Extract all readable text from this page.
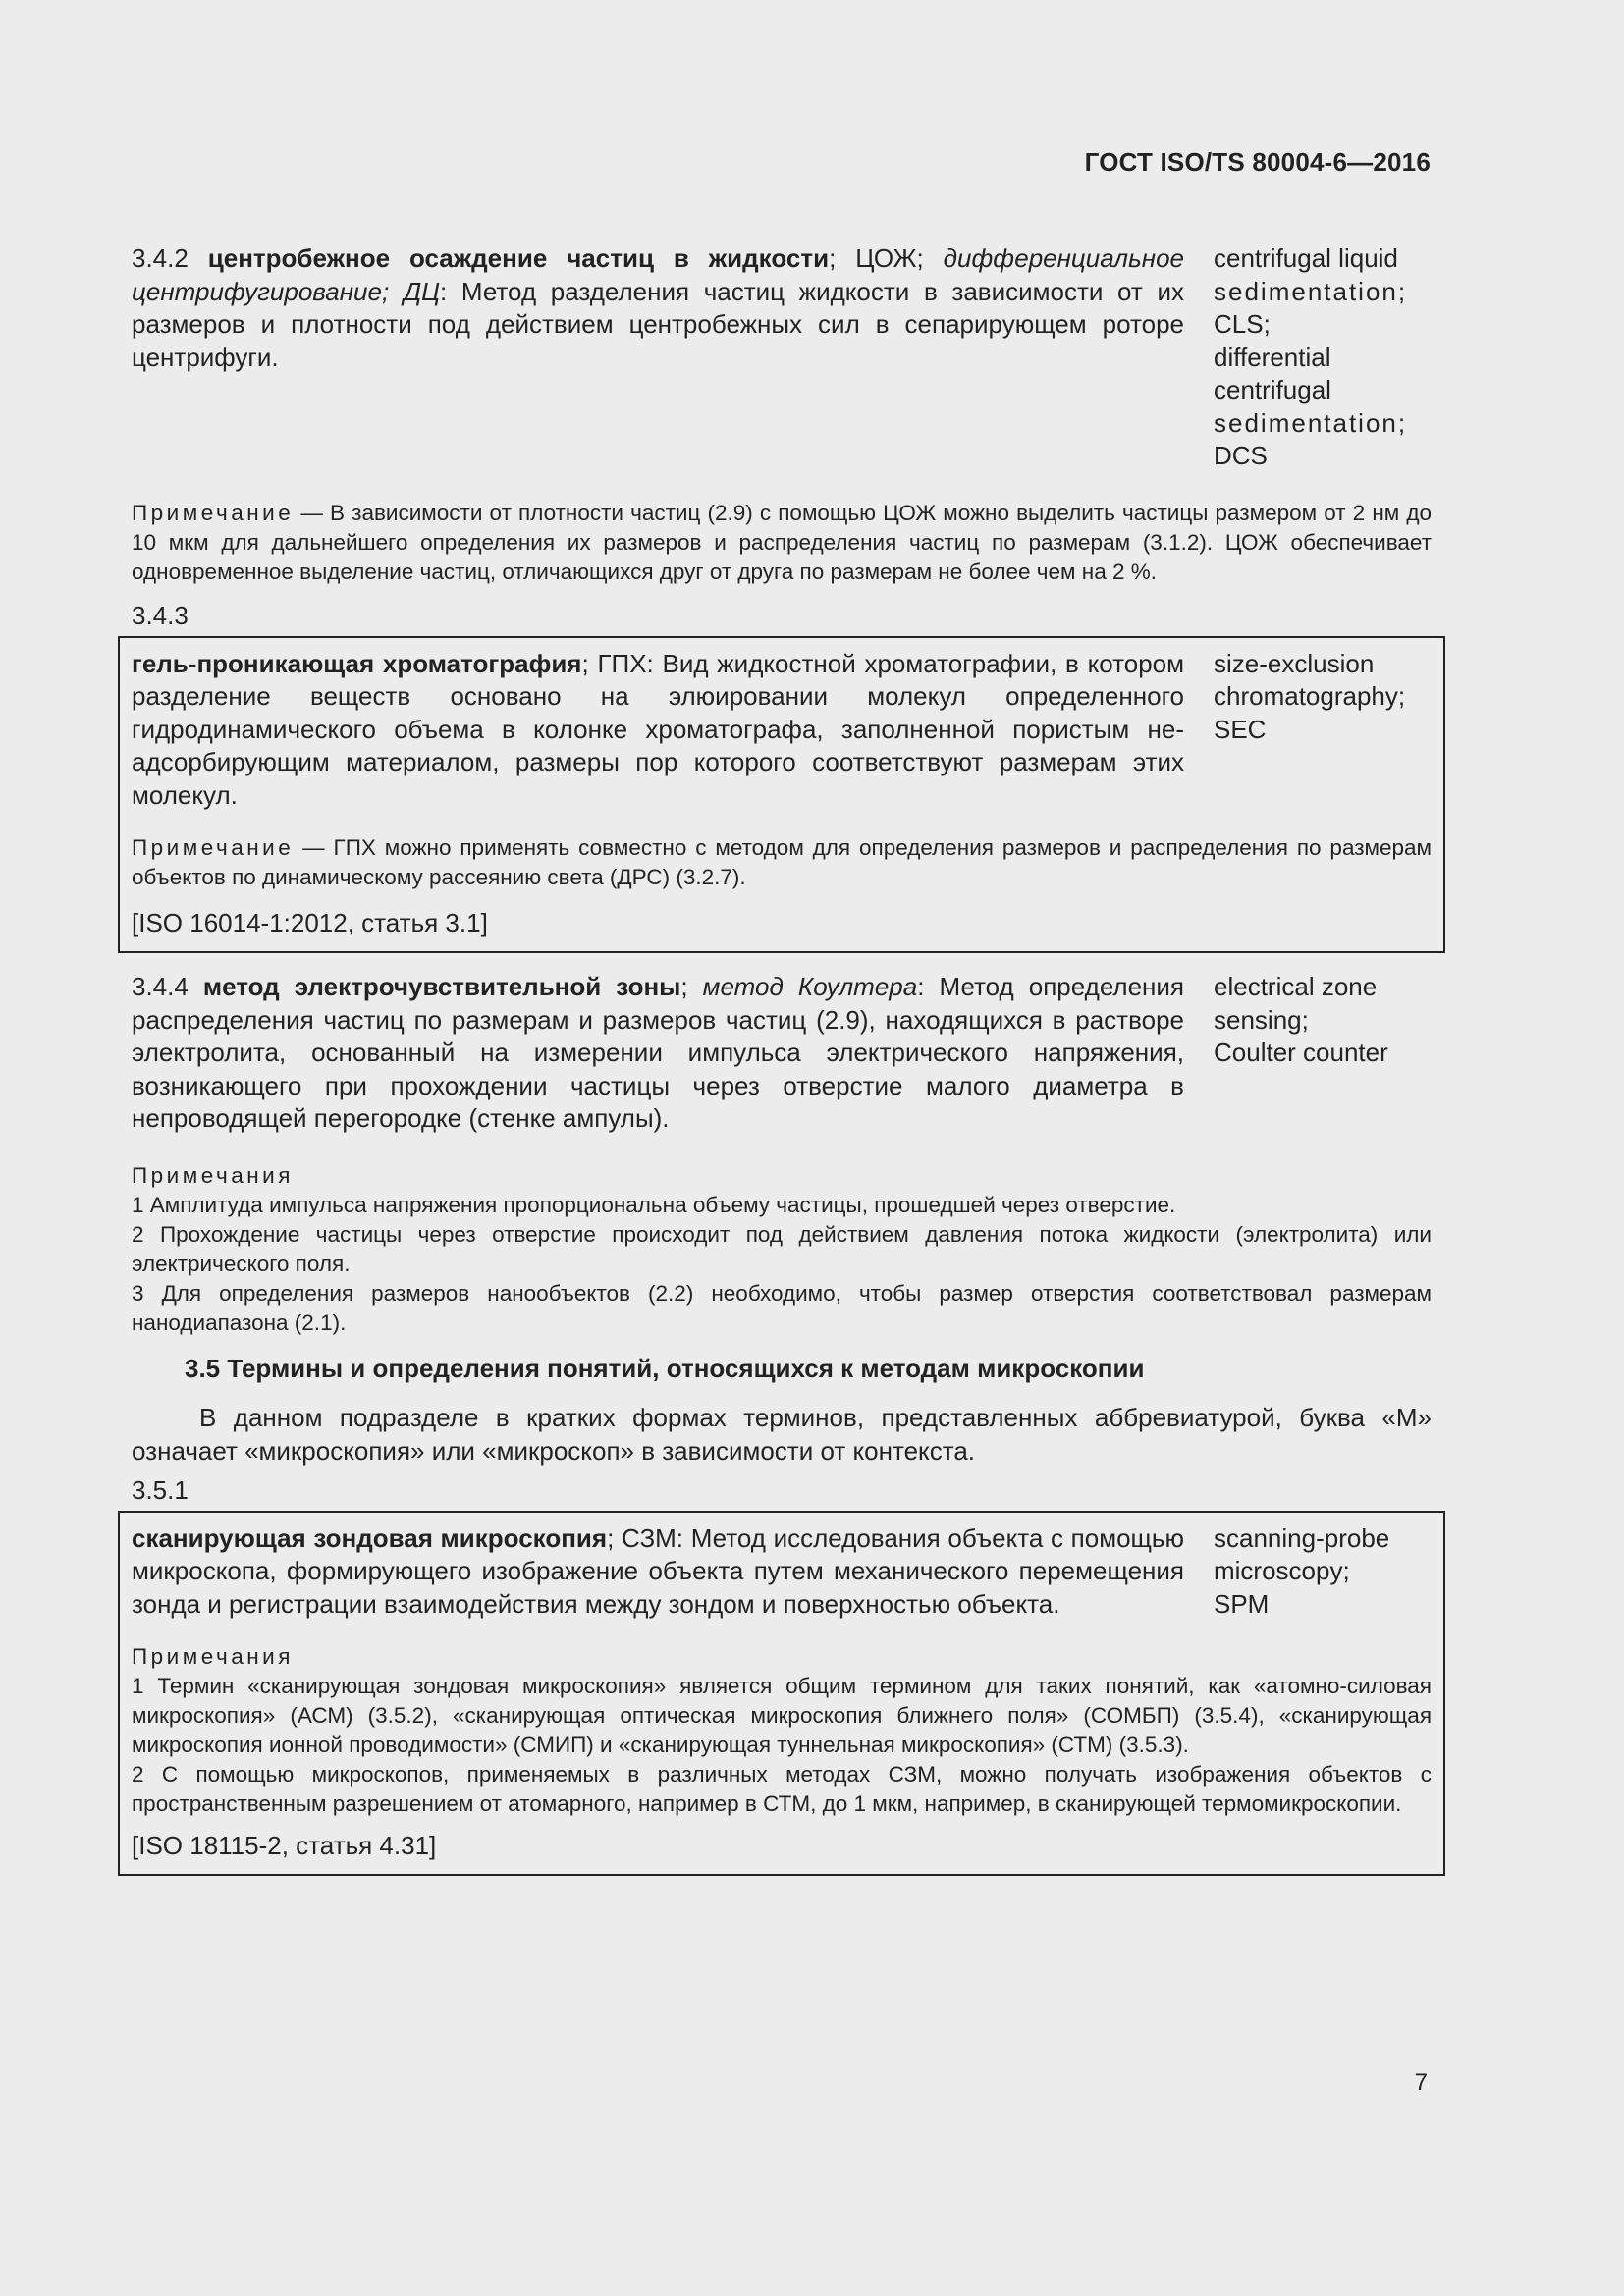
ГОСТ ISO/TS 80004-6—2016
3.4.2 центробежное осаждение частиц в жидкости; ЦОЖ; дифференциальное центрифугирование; ДЦ: Метод разделения частиц жидкости в зависимости от их размеров и плотности под действием центробежных сил в сепарирующем роторе центрифуги.
centrifugal liquid
sedimentation;
CLS;
differential
centrifugal
sedimentation;
DCS
Примечание — В зависимости от плотности частиц (2.9) с помощью ЦОЖ можно выделить частицы размером от 2 нм до 10 мкм для дальнейшего определения их размеров и распределения частиц по размерам (3.1.2). ЦОЖ обеспечивает одновременное выделение частиц, отличающихся друг от друга по размерам не более чем на 2 %.
3.4.3
гель-проникающая хроматография; ГПХ: Вид жидкостной хроматографии, в котором разделение веществ основано на элюировании молекул определенного гидродинамического объема в колонке хроматографа, заполненной пористым не-адсорбирующим материалом, размеры пор которого соответствуют размерам этих молекул.
size-exclusion
chromatography;
SEC
Примечание — ГПХ можно применять совместно с методом для определения размеров и распределения по размерам объектов по динамическому рассеянию света (ДРС) (3.2.7).
[ISO 16014-1:2012, статья 3.1]
3.4.4 метод электрочувствительной зоны; метод Коултера: Метод определения распределения частиц по размерам и размеров частиц (2.9), находящихся в растворе электролита, основанный на измерении импульса электрического напряжения, возникающего при прохождении частицы через отверстие малого диаметра в непроводящей перегородке (стенке ампулы).
electrical zone
sensing;
Coulter counter
Примечания
1 Амплитуда импульса напряжения пропорциональна объему частицы, прошедшей через отверстие.
2 Прохождение частицы через отверстие происходит под действием давления потока жидкости (электролита) или электрического поля.
3 Для определения размеров нанообъектов (2.2) необходимо, чтобы размер отверстия соответствовал размерам нанодиапазона (2.1).
3.5 Термины и определения понятий, относящихся к методам микроскопии
В данном подразделе в кратких формах терминов, представленных аббревиатурой, буква «М» означает «микроскопия» или «микроскоп» в зависимости от контекста.
3.5.1
сканирующая зондовая микроскопия; СЗМ: Метод исследования объекта с помощью микроскопа, формирующего изображение объекта путем механического перемещения зонда и регистрации взаимодействия между зондом и поверхностью объекта.
scanning-probe
microscopy;
SPM
Примечания
1 Термин «сканирующая зондовая микроскопия» является общим термином для таких понятий, как «атомно-силовая микроскопия» (АСМ) (3.5.2), «сканирующая оптическая микроскопия ближнего поля» (СОМБП) (3.5.4), «сканирующая микроскопия ионной проводимости» (СМИП) и «сканирующая туннельная микроскопия» (СТМ) (3.5.3).
2 С помощью микроскопов, применяемых в различных методах СЗМ, можно получать изображения объектов с пространственным разрешением от атомарного, например в СТМ, до 1 мкм, например, в сканирующей термомикроскопии.
[ISO 18115-2, статья 4.31]
7
